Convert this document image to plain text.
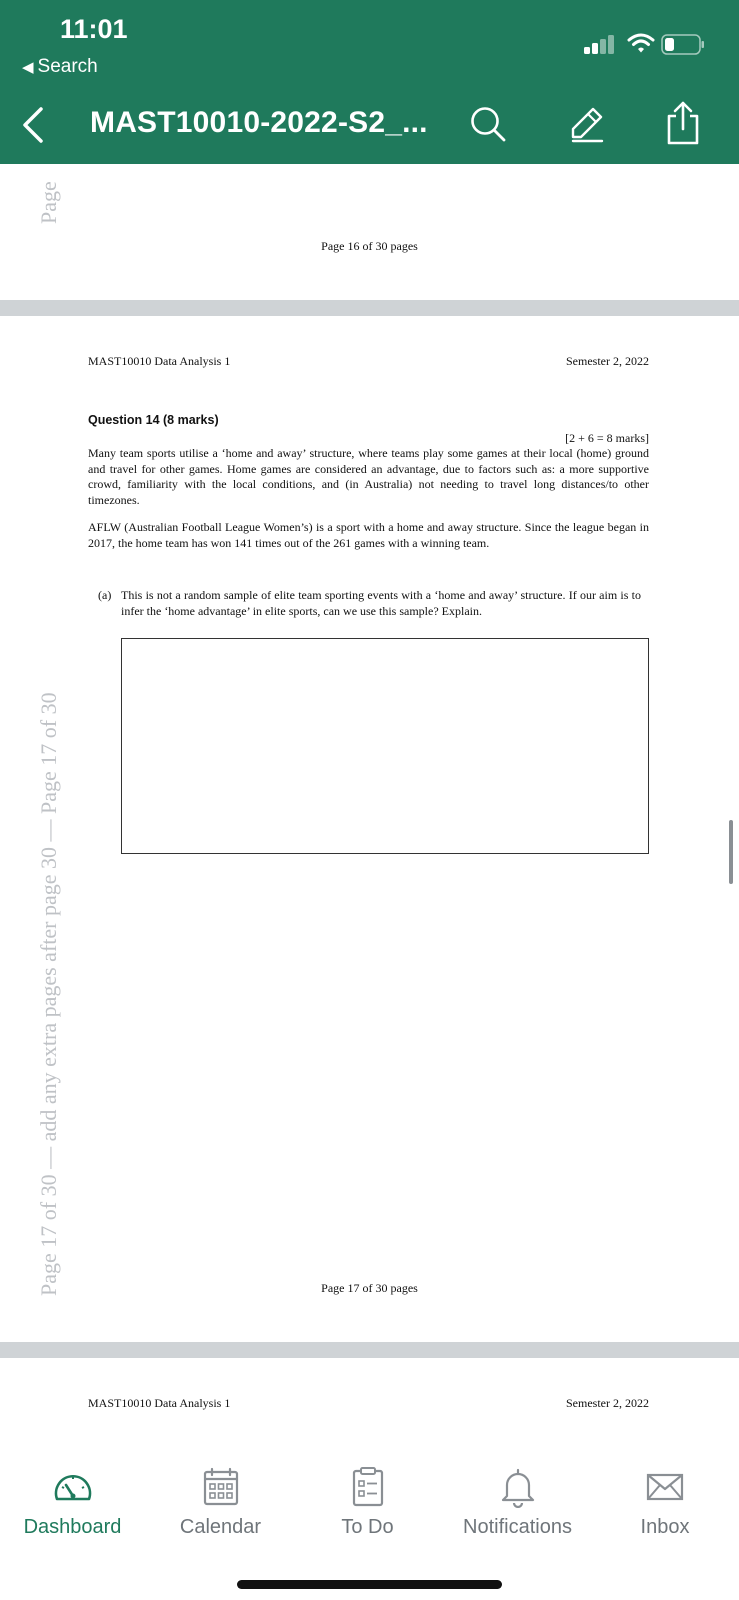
11:01
◀ Search
MAST10010-2022-S2_...
Page
Page 16 of 30 pages
Page 17 of 30 — add any extra pages after page 30 — Page 17 of 30
MAST10010 Data Analysis 1	Semester 2, 2022
Question 14 (8 marks)
[2 + 6 = 8 marks]
Many team sports utilise a ‘home and away’ structure, where teams play some games at their local (home) ground and travel for other games. Home games are considered an advantage, due to factors such as: a more supportive crowd, familiarity with the local conditions, and (in Australia) not needing to travel long distances/to other timezones.
AFLW (Australian Football League Women’s) is a sport with a home and away structure. Since the league began in 2017, the home team has won 141 times out of the 261 games with a winning team.
(a) This is not a random sample of elite team sporting events with a ‘home and away’ structure. If our aim is to infer the ‘home advantage’ in elite sports, can we use this sample? Explain.
Page 17 of 30 pages
MAST10010 Data Analysis 1	Semester 2, 2022
Dashboard	Calendar	To Do	Notifications	Inbox
